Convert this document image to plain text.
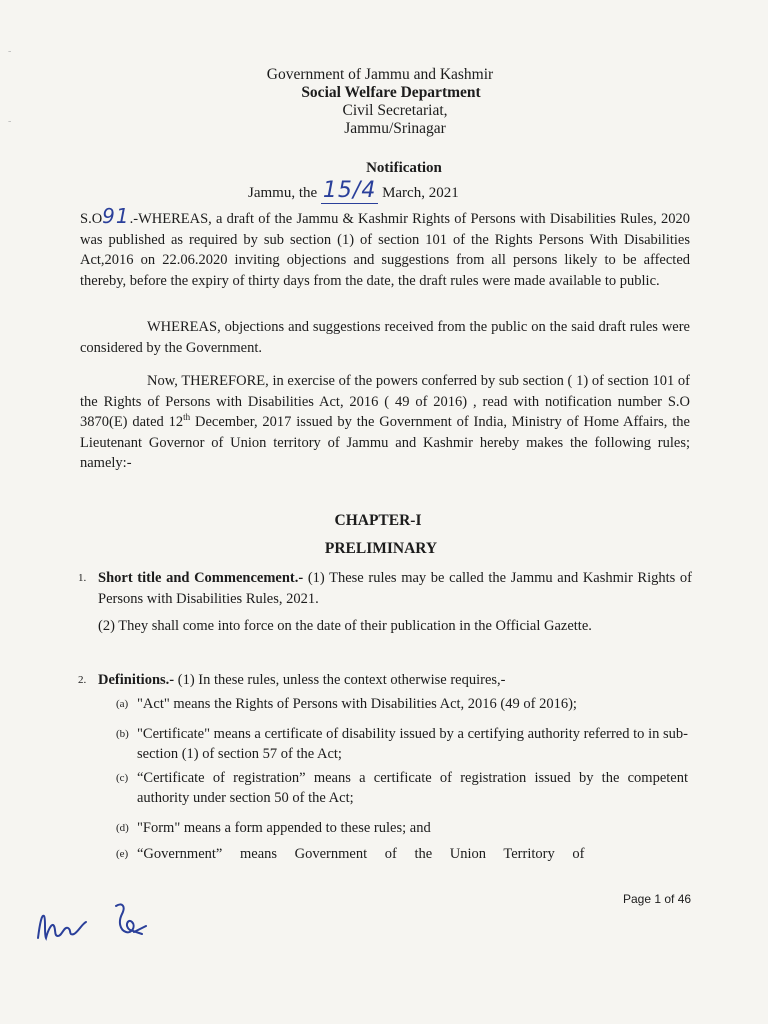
-
-
Government of Jammu and Kashmir
Social Welfare Department
Civil Secretariat,
Jammu/Srinagar
Notification
Jammu, the 15/4 March, 2021
S.O91.-WHEREAS, a draft of the Jammu & Kashmir Rights of Persons with Disabilities Rules, 2020 was published as required by sub section (1) of section 101 of the Rights Persons With Disabilities Act,2016 on 22.06.2020 inviting objections and suggestions from all persons likely to be affected thereby, before the expiry of thirty days from the date, the draft rules were made available to public.
WHEREAS, objections and suggestions received from the public on the said draft rules were considered by the Government.
Now, THEREFORE, in exercise of the powers conferred by sub section ( 1) of section 101 of the Rights of Persons with Disabilities Act, 2016 ( 49 of 2016) , read with notification number S.O 3870(E) dated 12th December, 2017 issued by the Government of India, Ministry of Home Affairs, the Lieutenant Governor of Union territory of Jammu and Kashmir hereby makes the following rules; namely:-
CHAPTER-I
PRELIMINARY
1. Short title and Commencement.- (1) These rules may be called the Jammu and Kashmir Rights of Persons with Disabilities Rules, 2021.
(2) They shall come into force on the date of their publication in the Official Gazette.
2. Definitions.- (1) In these rules, unless the context otherwise requires,-
(a) "Act" means the Rights of Persons with Disabilities Act, 2016 (49 of 2016);
(b) "Certificate" means a certificate of disability issued by a certifying authority referred to in sub-section (1) of section 57 of the Act;
(c) “Certificate of registration” means a certificate of registration issued by the competent authority under section 50 of the Act;
(d) "Form" means a form appended to these rules; and
(e) “Government” means Government of the Union Territory of
Page 1 of 46
